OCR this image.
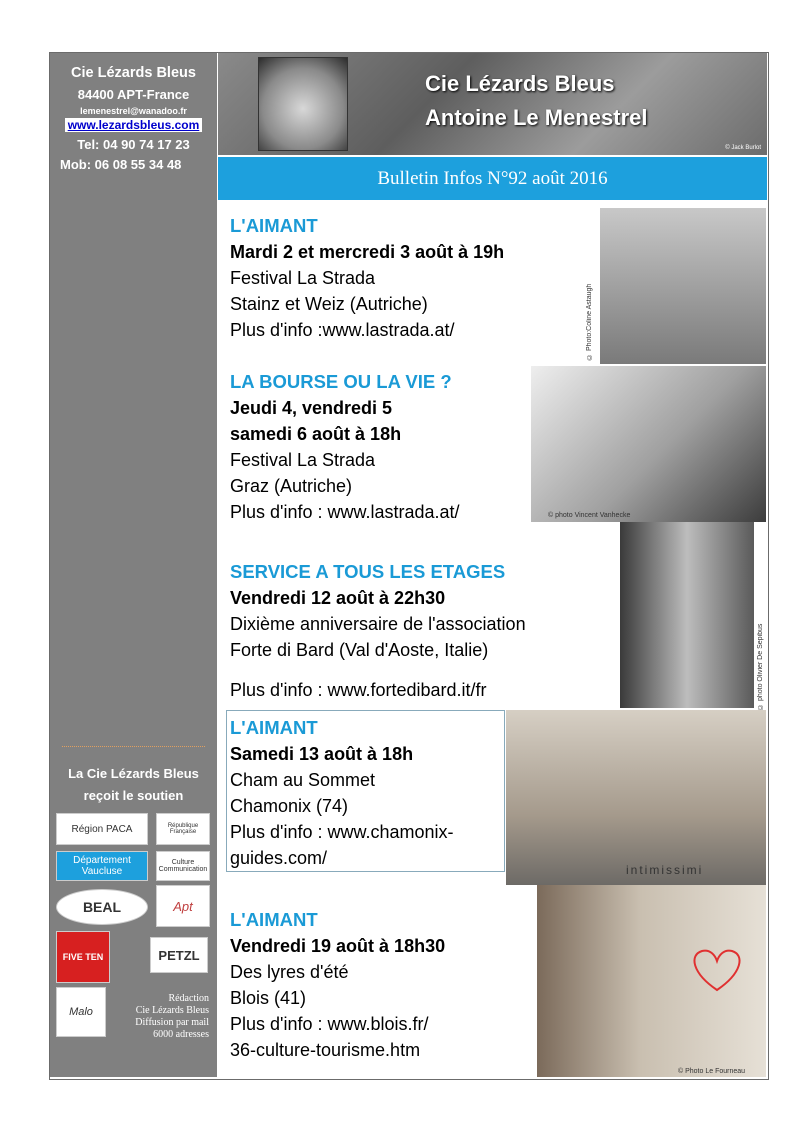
Cie Lézards Bleus
84400 APT-France
lemenestrel@wanadoo.fr
www.lezardsbleus.com
Tel: 04 90 74 17 23
Mob: 06 08 55 34 48
La Cie Lézards Bleus reçoit le soutien
Région PACA	République Française
Département Vaucluse
Culture Communication
BEAL	Apt
FIVE TEN	PETZL
Malo
Rédaction
Cie Lézards Bleus
Diffusion par mail
6000 adresses
Cie Lézards Bleus
Antoine Le Menestrel
© Jack Burlot
Bulletin Infos N°92 août 2016
L'AIMANT
Mardi 2 et mercredi 3 août à 19h
Festival La Strada
Stainz et Weiz (Autriche)
Plus d'info :www.lastrada.at/	© Photo:Coline Astaugh
LA BOURSE OU LA VIE ?
Jeudi 4, vendredi 5
samedi 6 août à 18h
Festival La Strada
Graz (Autriche)
Plus d'info : www.lastrada.at/	© photo Vincent Vanhecke
SERVICE A TOUS LES ETAGES
Vendredi 12 août à 22h30
Dixième anniversaire de l'association
Forte di Bard (Val d'Aoste, Italie)
Plus d'info : www.fortedibard.it/fr	© photo Olivier De Sepibus
L'AIMANT
Samedi 13 août à 18h
Cham au Sommet
Chamonix (74)
Plus d'info : www.chamonix-
guides.com/
intimissimi
L'AIMANT
Vendredi 19 août à 18h30
Des lyres d'été
Blois (41)
Plus d'info : www.blois.fr/
36-culture-tourisme.htm
© Photo Le Fourneau
